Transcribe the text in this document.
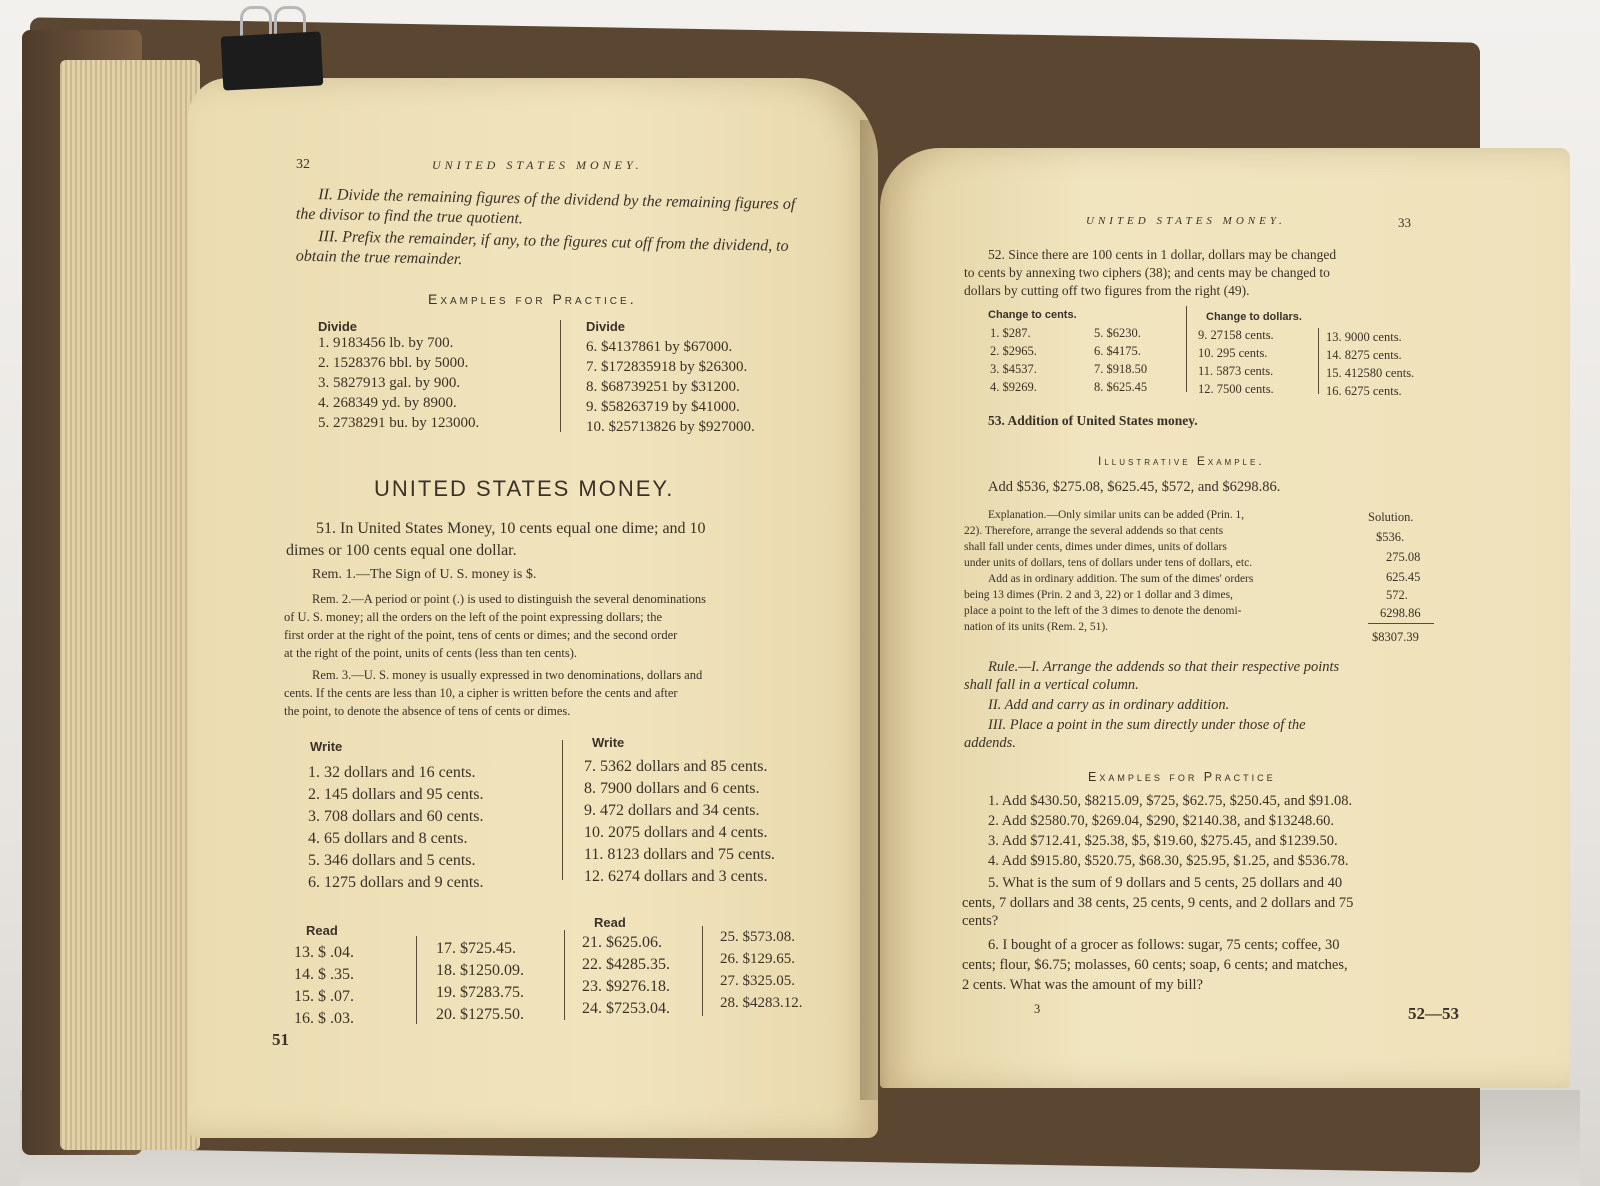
32	UNITED STATES MONEY.
II. Divide the remaining figures of the dividend by the remaining figures of the divisor to find the true quotient.
III. Prefix the remainder, if any, to the figures cut off from the dividend, to obtain the true remainder.
Examples for Practice.
Divide	Divide
1. 9183456 lb. by 700.
2. 1528376 bbl. by 5000.
3. 5827913 gal. by 900.
4. 268349 yd. by 8900.
5. 2738291 bu. by 123000.
6. $4137861 by $67000.
7. $172835918 by $26300.
8. $68739251 by $31200.
9. $58263719 by $41000.
10. $25713826 by $927000.
UNITED STATES MONEY.
51. In United States Money, 10 cents equal one dime; and 10
dimes or 100 cents equal one dollar.
Rem. 1.—The Sign of U. S. money is $.
Rem. 2.—A period or point (.) is used to distinguish the several denominations
of U. S. money; all the orders on the left of the point expressing dollars; the
first order at the right of the point, tens of cents or dimes; and the second order
at the right of the point, units of cents (less than ten cents).
Rem. 3.—U. S. money is usually expressed in two denominations, dollars and
cents. If the cents are less than 10, a cipher is written before the cents and after
the point, to denote the absence of tens of cents or dimes.
Write	Write
1. 32 dollars and 16 cents.
2. 145 dollars and 95 cents.
3. 708 dollars and 60 cents.
4. 65 dollars and 8 cents.
5. 346 dollars and 5 cents.
6. 1275 dollars and 9 cents.
7. 5362 dollars and 85 cents.
8. 7900 dollars and 6 cents.
9. 472 dollars and 34 cents.
10. 2075 dollars and 4 cents.
11. 8123 dollars and 75 cents.
12. 6274 dollars and 3 cents.
Read
Read
13. $ .04.
14. $ .35.
15. $ .07.
16. $ .03.
17. $725.45.
18. $1250.09.
19. $7283.75.
20. $1275.50.
21. $625.06.
22. $4285.35.
23. $9276.18.
24. $7253.04.
25. $573.08.
26. $129.65.
27. $325.05.
28. $4283.12.
51
UNITED STATES MONEY.	33
52. Since there are 100 cents in 1 dollar, dollars may be changed
to cents by annexing two ciphers (38); and cents may be changed to
dollars by cutting off two figures from the right (49).
Change to cents.	Change to dollars.
1. $287.
2. $2965.
3. $4537.
4. $9269.
5. $6230.
6. $4175.
7. $918.50
8. $625.45
9. 27158 cents.
10. 295 cents.
11. 5873 cents.
12. 7500 cents.
13. 9000 cents.
14. 8275 cents.
15. 412580 cents.
16. 6275 cents.
53. Addition of United States money.
Illustrative Example.
Add $536, $275.08, $625.45, $572, and $6298.86.
Explanation.—Only similar units can be added (Prin. 1,
22). Therefore, arrange the several addends so that cents
shall fall under cents, dimes under dimes, units of dollars
under units of dollars, tens of dollars under tens of dollars, etc.
Add as in ordinary addition. The sum of the dimes' orders
being 13 dimes (Prin. 2 and 3, 22) or 1 dollar and 3 dimes,
place a point to the left of the 3 dimes to denote the denomi-
nation of its units (Rem. 2, 51).
Solution.
$536.
275.08
625.45
572.
6298.86
$8307.39
Rule.—I. Arrange the addends so that their respective points
shall fall in a vertical column.
II. Add and carry as in ordinary addition.
III. Place a point in the sum directly under those of the
addends.
Examples for Practice
1. Add $430.50, $8215.09, $725, $62.75, $250.45, and $91.08.
2. Add $2580.70, $269.04, $290, $2140.38, and $13248.60.
3. Add $712.41, $25.38, $5, $19.60, $275.45, and $1239.50.
4. Add $915.80, $520.75, $68.30, $25.95, $1.25, and $536.78.
5. What is the sum of 9 dollars and 5 cents, 25 dollars and 40
cents, 7 dollars and 38 cents, 25 cents, 9 cents, and 2 dollars and 75
cents?
6. I bought of a grocer as follows: sugar, 75 cents; coffee, 30
cents; flour, $6.75; molasses, 60 cents; soap, 6 cents; and matches,
2 cents. What was the amount of my bill?
3	52—53
